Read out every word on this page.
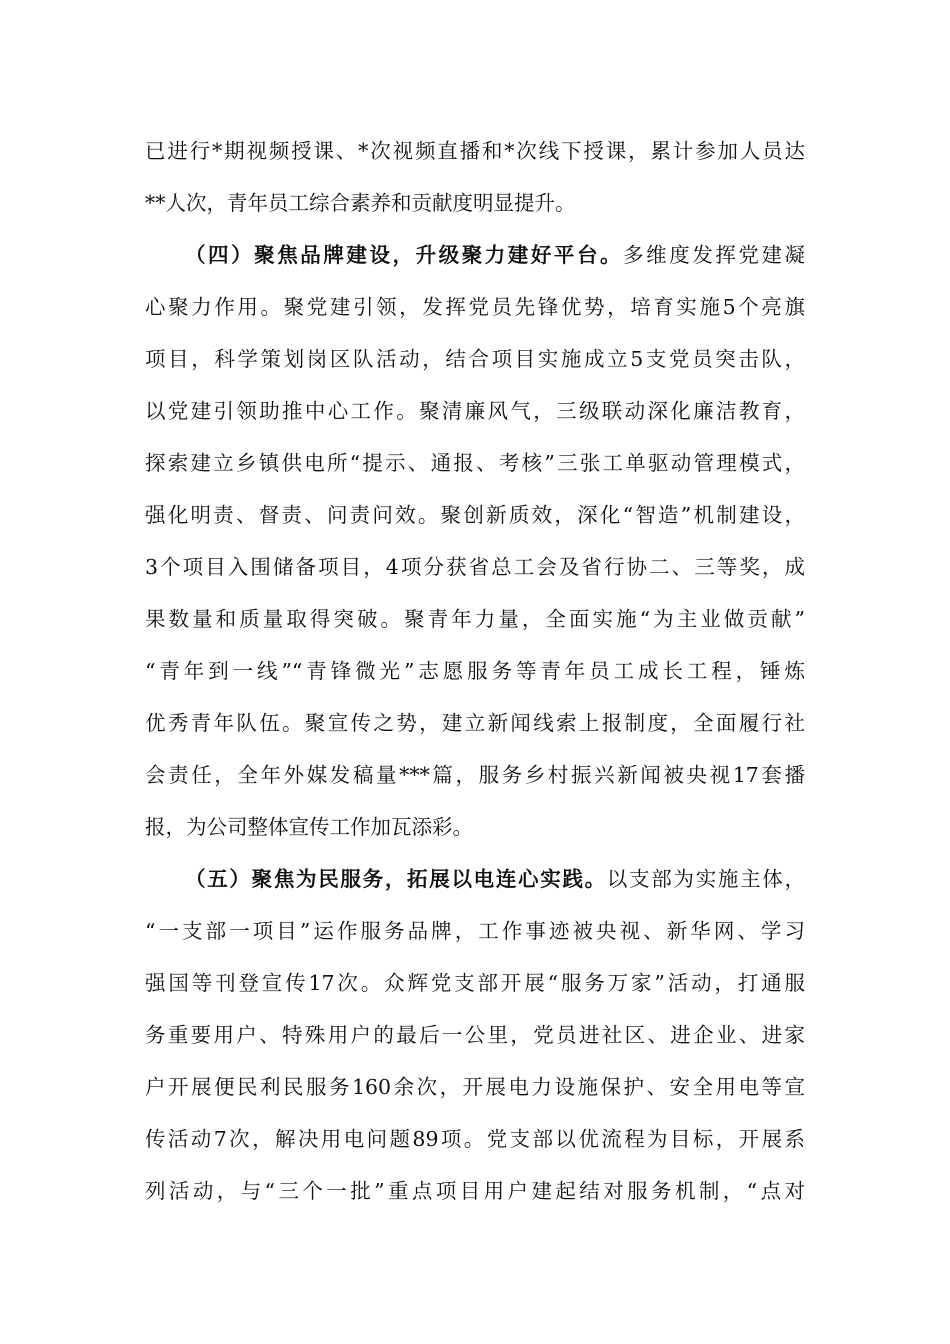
已进行*期视频授课、*次视频直播和*次线下授课，累计参加人员达
**人次，青年员工综合素养和贡献度明显提升。
（四）聚焦品牌建设，升级聚力建好平台。多维度发挥党建凝
心聚力作用。聚党建引领，发挥党员先锋优势，培育实施5个亮旗
项目，科学策划岗区队活动，结合项目实施成立5支党员突击队，
以党建引领助推中心工作。聚清廉风气，三级联动深化廉洁教育，
探索建立乡镇供电所“提示、通报、考核”三张工单驱动管理模式，
强化明责、督责、问责问效。聚创新质效，深化“智造”机制建设，
3个项目入围储备项目，4项分获省总工会及省行协二、三等奖，成
果数量和质量取得突破。聚青年力量，全面实施“为主业做贡献”
“青年到一线”“青锋微光”志愿服务等青年员工成长工程，锤炼
优秀青年队伍。聚宣传之势，建立新闻线索上报制度，全面履行社
会责任，全年外媒发稿量***篇，服务乡村振兴新闻被央视17套播
报，为公司整体宣传工作加瓦添彩。
（五）聚焦为民服务，拓展以电连心实践。以支部为实施主体，
“一支部一项目”运作服务品牌，工作事迹被央视、新华网、学习
强国等刊登宣传17次。众辉党支部开展“服务万家”活动，打通服
务重要用户、特殊用户的最后一公里，党员进社区、进企业、进家
户开展便民利民服务160余次，开展电力设施保护、安全用电等宣
传活动7次，解决用电问题89项。党支部以优流程为目标，开展系
列活动，与“三个一批”重点项目用户建起结对服务机制，“点对
